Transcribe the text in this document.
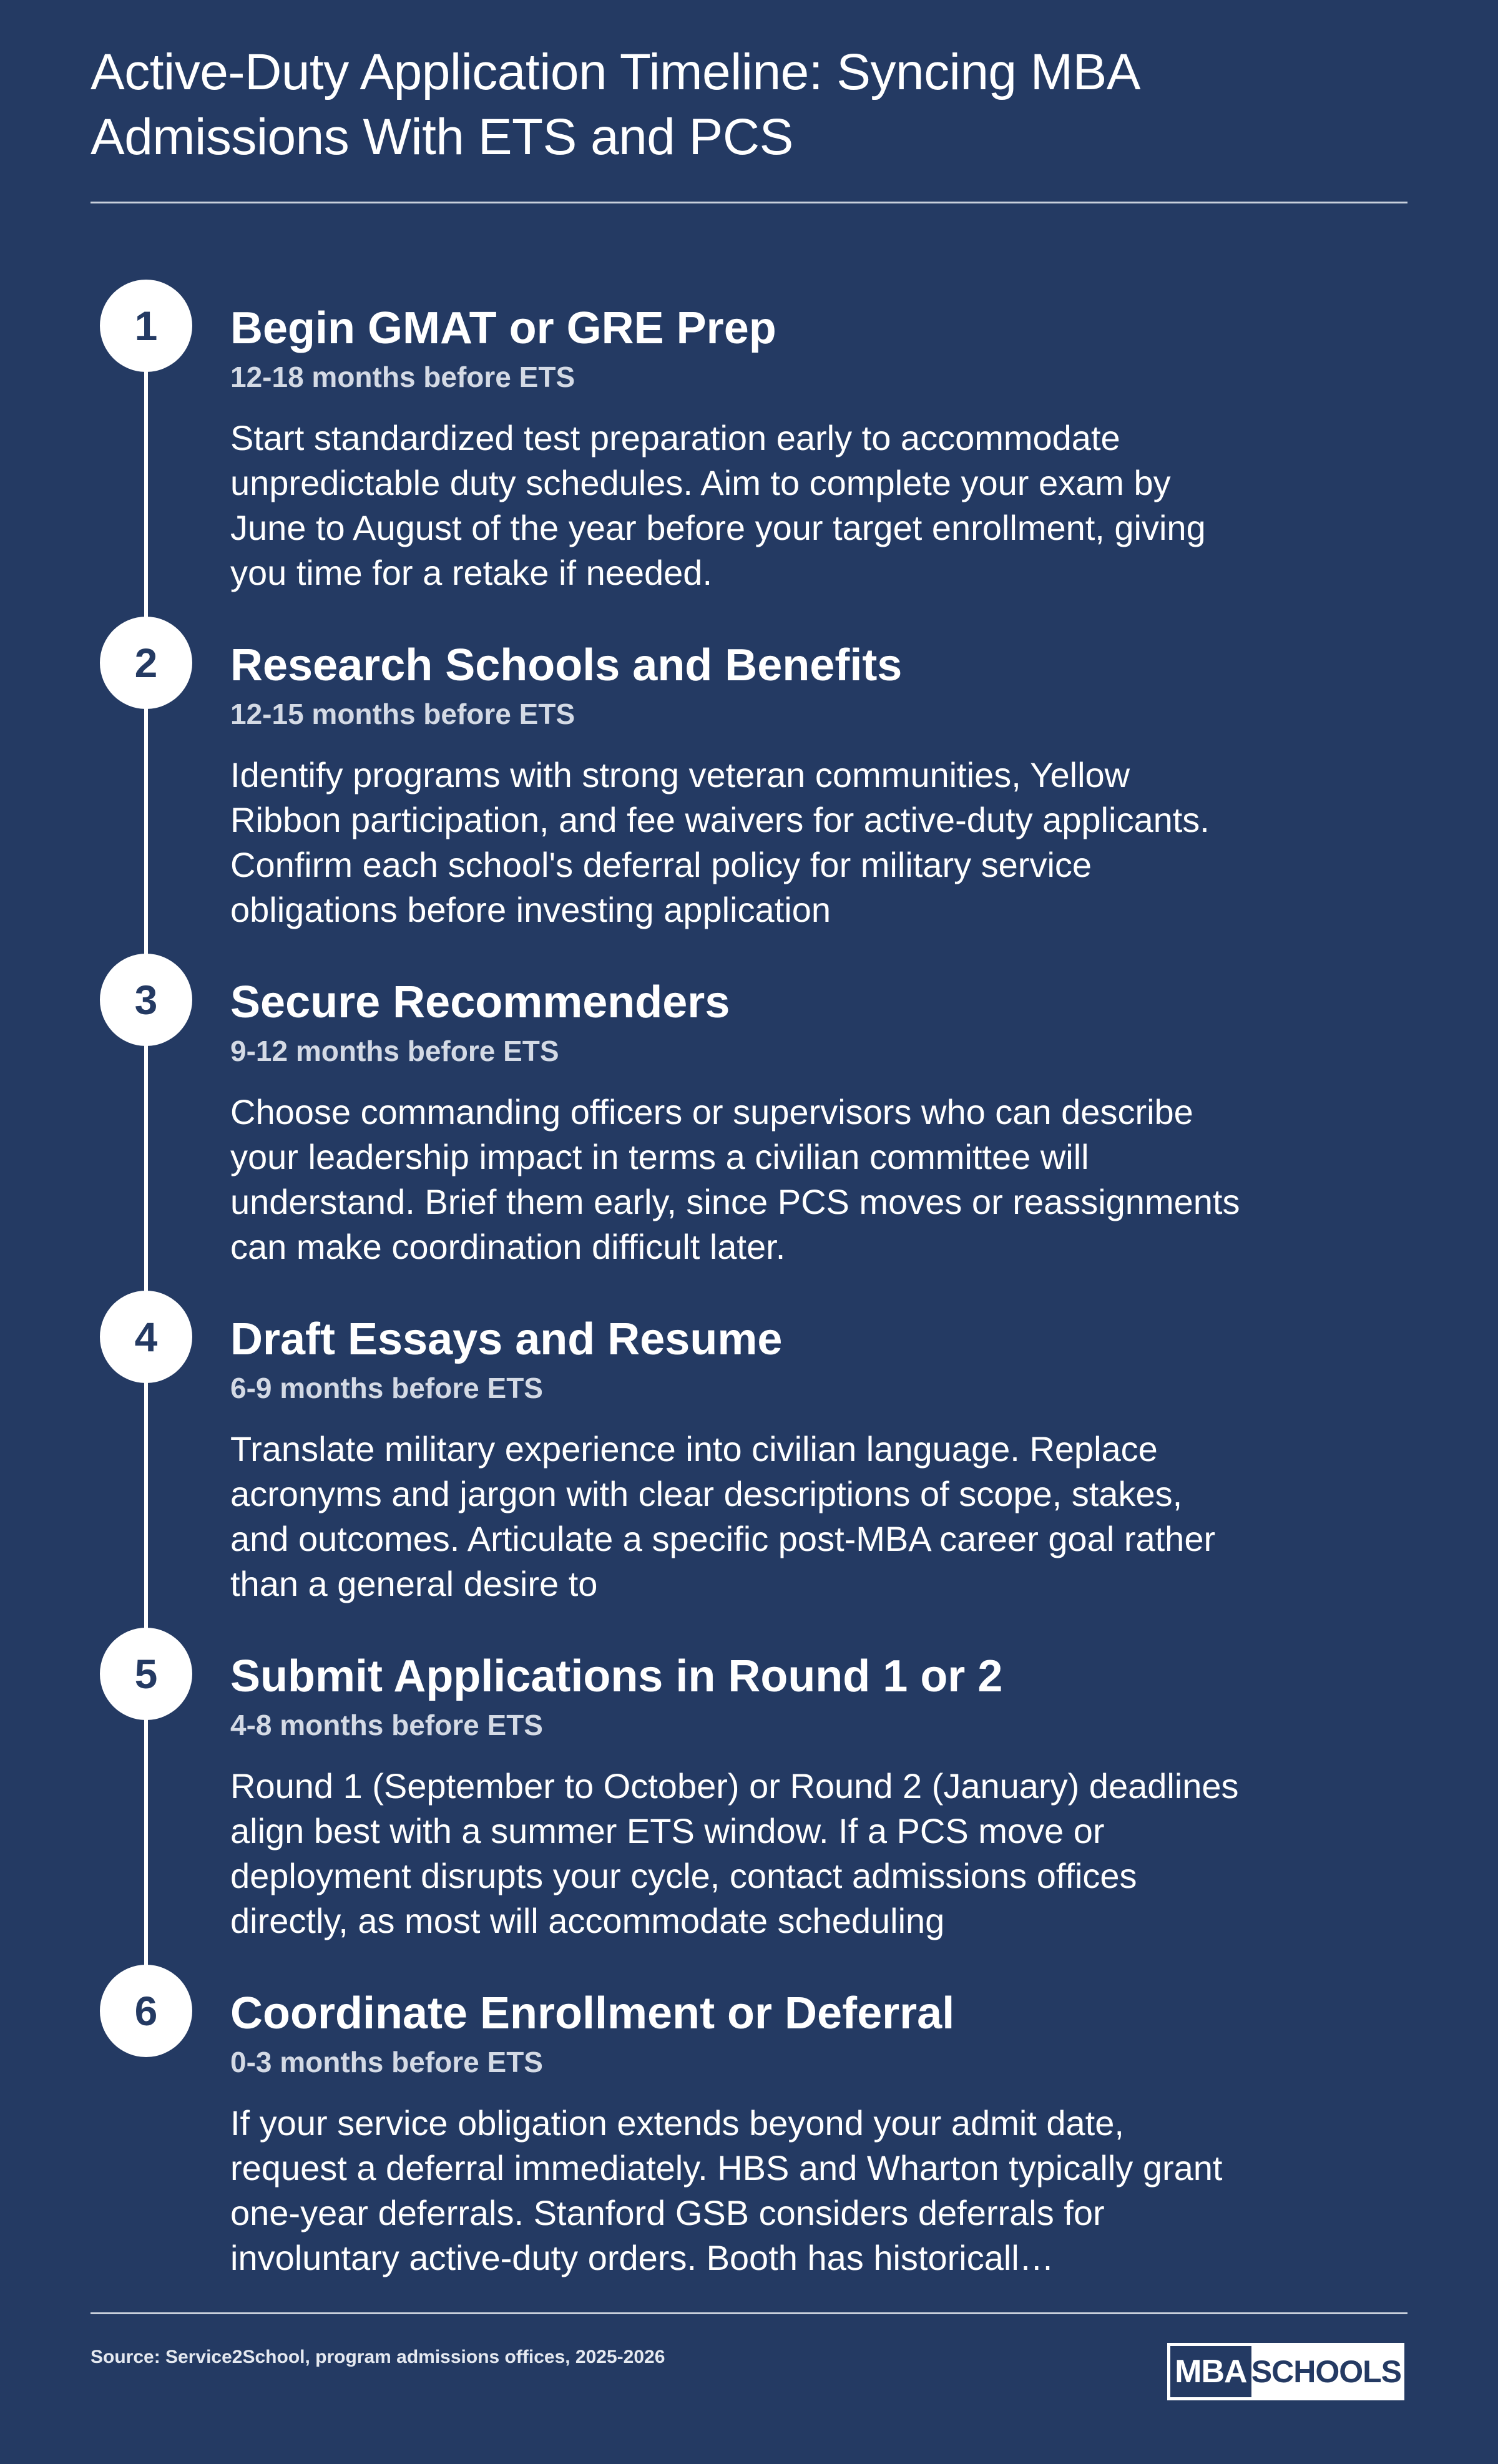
Active-Duty Application Timeline: Syncing MBA Admissions With ETS and PCS
1	Begin GMAT or GRE Prep
12-18 months before ETS
Start standardized test preparation early to accommodate unpredictable duty schedules. Aim to complete your exam by June to August of the year before your target enrollment, giving you time for a retake if needed.
2	Research Schools and Benefits
12-15 months before ETS
Identify programs with strong veteran communities, Yellow Ribbon participation, and fee waivers for active-duty applicants. Confirm each school's deferral policy for military service obligations before investing application
3	Secure Recommenders
9-12 months before ETS
Choose commanding officers or supervisors who can describe your leadership impact in terms a civilian committee will understand. Brief them early, since PCS moves or reassignments can make coordination difficult later.
4	Draft Essays and Resume
6-9 months before ETS
Translate military experience into civilian language. Replace acronyms and jargon with clear descriptions of scope, stakes, and outcomes. Articulate a specific post-MBA career goal rather than a general desire to
5	Submit Applications in Round 1 or 2
4-8 months before ETS
Round 1 (September to October) or Round 2 (January) deadlines align best with a summer ETS window. If a PCS move or deployment disrupts your cycle, contact admissions offices directly, as most will accommodate scheduling
6	Coordinate Enrollment or Deferral
0-3 months before ETS
If your service obligation extends beyond your admit date, request a deferral immediately. HBS and Wharton typically grant one-year deferrals. Stanford GSB considers deferrals for involuntary active-duty orders. Booth has historicall…
Source: Service2School, program admissions offices, 2025-2026	MBA SCHOOLS
